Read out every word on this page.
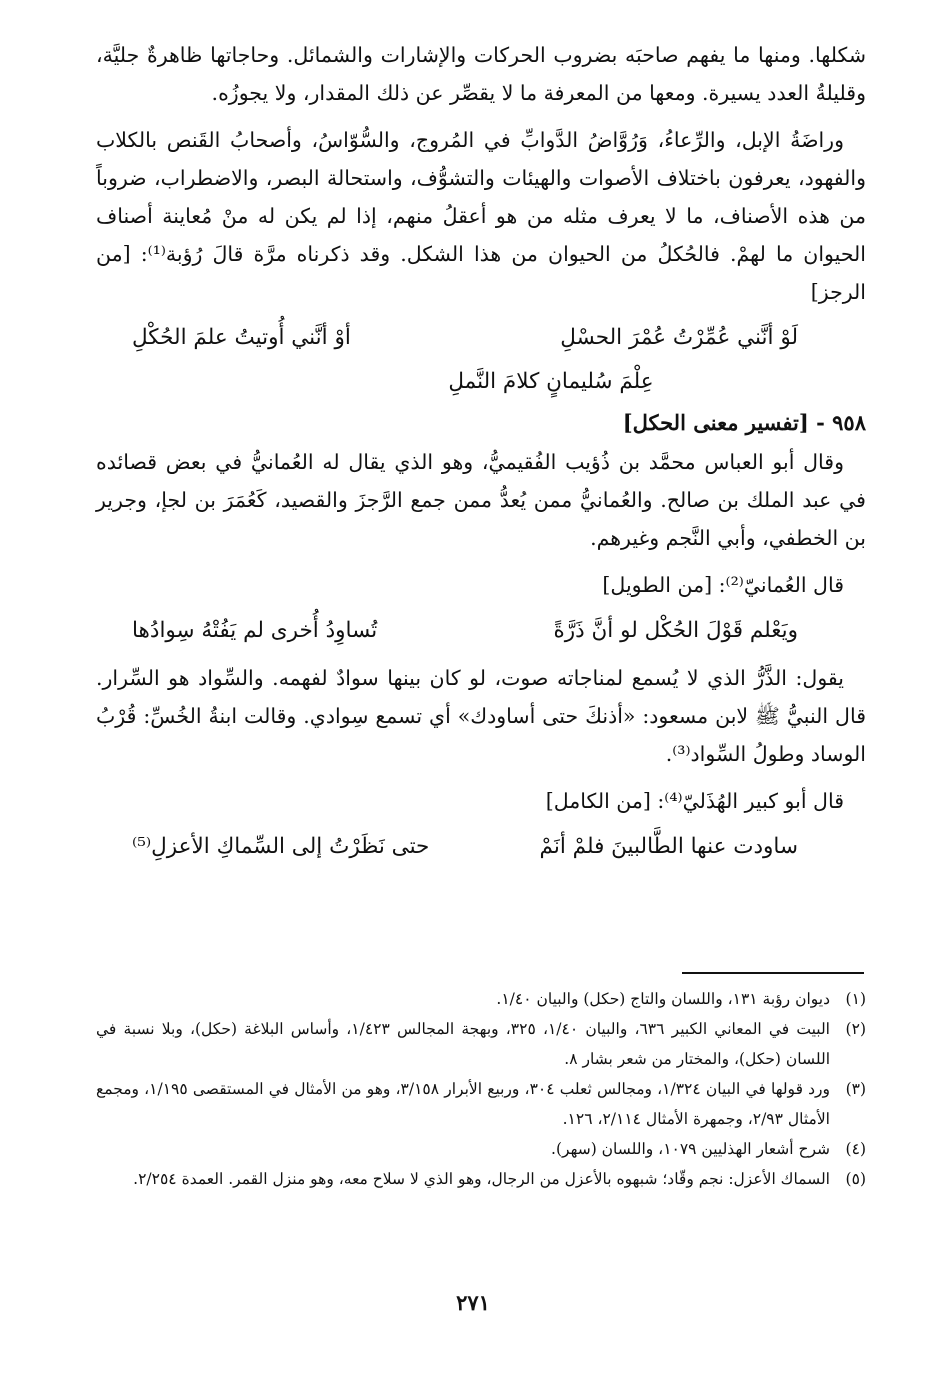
شكلها. ومنها ما يفهم صاحبَه بضروب الحركات والإشارات والشمائل. وحاجاتها ظاهرةٌ جليَّة، وقليلةُ العدد يسيرة. ومعها من المعرفة ما لا يقصِّر عن ذلك المقدار، ولا يجوزُه.

وراضَةُ الإبل، والرِّعاءُ، وَرُوَّاضُ الدَّوابِّ في المُروج، والسُّوّاسُ، وأصحابُ القَنص بالكلاب والفهود، يعرفون باختلاف الأصوات والهيئات والتشوُّف، واستحالة البصر، والاضطراب، ضروباً من هذه الأصناف، ما لا يعرف مثله من هو أعقلُ منهم، إذا لم يكن له منْ مُعاينة أصناف الحيوان ما لهمْ. فالحُكلُ من الحيوان من هذا الشكل. وقد ذكرناه مرَّة قالَ رُؤبة⁽¹⁾: [من الرجز]

لَوْ أنَّني عُمِّرْتُ عُمْرَ الحسْلِ
أوْ أنَّني أُوتيتُ علمَ الحُكْلِ
عِلْمَ سُليمانٍ كلامَ النَّملِ
٩٥٨ - [تفسير معنى الحكل]

وقال أبو العباس محمَّد بن ذُؤيب الفُقيميُّ، وهو الذي يقال له العُمانيُّ في بعض قصائده في عبد الملك بن صالح. والعُمانيُّ ممن يُعدُّ ممن جمع الرَّجزَ والقصيد، كَعُمَرَ بن لجإ، وجرير بن الخطفي، وأبي النَّجم وغيرهم.

قال العُمانيّ⁽²⁾: [من الطويل]

ويَعْلم قَوْلَ الحُكْل لو أنَّ ذَرَّةً
تُساوِدُ أُخرى لم يَفُتْهُ سِوادُها

يقول: الذَّرُّ الذي لا يُسمع لمناجاته صوت، لو كان بينها سوادٌ لفهمه. والسِّواد هو السِّرار. قال النبيُّ ﷺ لابن مسعود: «أذنكَ حتى أساودك» أي تسمع سِوادي. وقالت ابنةُ الخُسِّ: قُرْبُ الوساد وطولُ السِّواد⁽³⁾.

قال أبو كبير الهُذَليّ⁽⁴⁾: [من الكامل]

ساودت عنها الطَّالبينَ فلمْ أنَمْ
حتى نَظَرْتُ إلى السِّماكِ الأعزلِ⁽⁵⁾

(١)ديوان رؤبة ١٣١، واللسان والتاج (حكل) والبيان ١/٤٠.

(٢)البيت في المعاني الكبير ٦٣٦، والبيان ١/٤٠، ٣٢٥، وبهجة المجالس ١/٤٢٣، وأساس البلاغة (حكل)، وبلا نسبة في اللسان (حكل)، والمختار من شعر بشار ٨.

(٣)ورد قولها في البيان ١/٣٢٤، ومجالس ثعلب ٣٠٤، وربيع الأبرار ٣/١٥٨، وهو من الأمثال في المستقصى ١/١٩٥، ومجمع الأمثال ٢/٩٣، وجمهرة الأمثال ٢/١١٤، ١٢٦.

(٤)شرح أشعار الهذليين ١٠٧٩، واللسان (سهر).

(٥)السماك الأعزل: نجم وقّاد؛ شبهوه بالأعزل من الرجال، وهو الذي لا سلاح معه، وهو منزل القمر. العمدة ٢/٢٥٤.

٢٧١
